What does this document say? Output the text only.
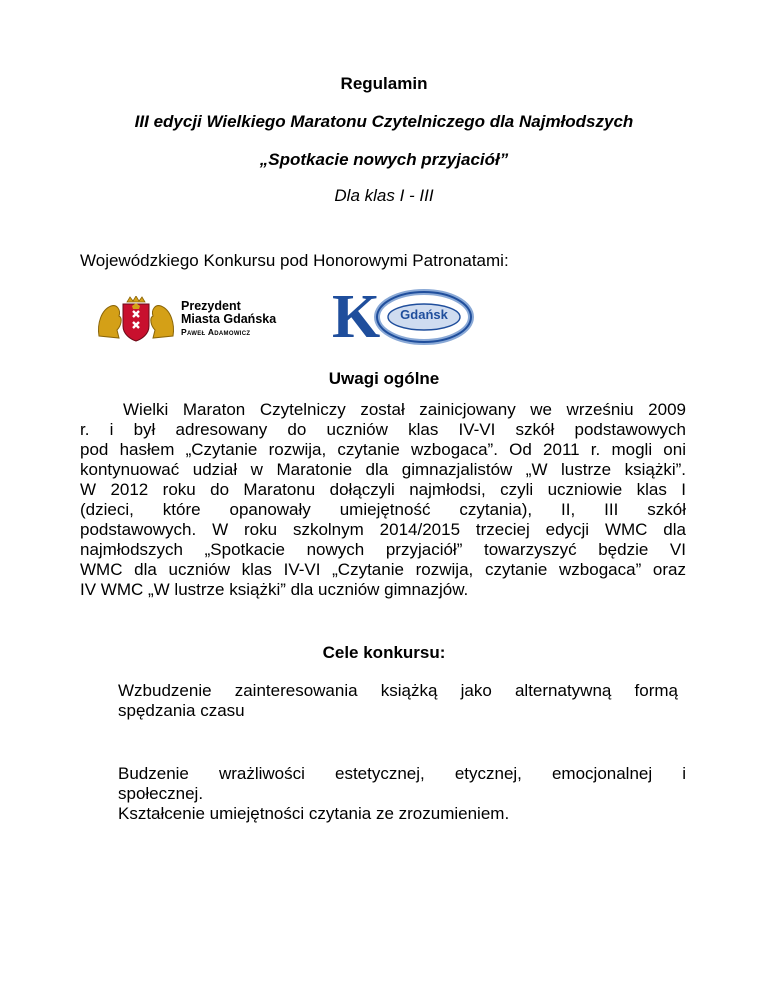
Regulamin
III edycji Wielkiego Maratonu Czytelniczego dla Najmłodszych
„Spotkacie nowych przyjaciół”
Dla klas I - III
Wojewódzkiego Konkursu pod Honorowymi Patronatami:
Prezydent
Miasta Gdańska
Paweł Adamowicz	K Gdańsk
Uwagi ogólne
Wielki Maraton Czytelniczy został zainicjowany we wrześniu 2009
r. i był adresowany do uczniów klas IV-VI szkół podstawowych
pod hasłem „Czytanie rozwija, czytanie wzbogaca”. Od 2011 r. mogli oni
kontynuować udział w Maratonie dla gimnazjalistów „W lustrze książki”.
W 2012 roku do Maratonu dołączyli najmłodsi, czyli uczniowie klas I
(dzieci, które opanowały umiejętność czytania), II, III szkół
podstawowych. W roku szkolnym 2014/2015 trzeciej edycji WMC dla
najmłodszych „Spotkacie nowych przyjaciół” towarzyszyć będzie VI
WMC dla uczniów klas IV-VI „Czytanie rozwija, czytanie wzbogaca” oraz
IV WMC „W lustrze książki” dla uczniów gimnazjów.
Cele konkursu:
Wzbudzenie zainteresowania książką jako alternatywną formą
spędzania czasu
Budzenie wrażliwości estetycznej, etycznej, emocjonalnej i
społecznej.
Kształcenie umiejętności czytania ze zrozumieniem.
